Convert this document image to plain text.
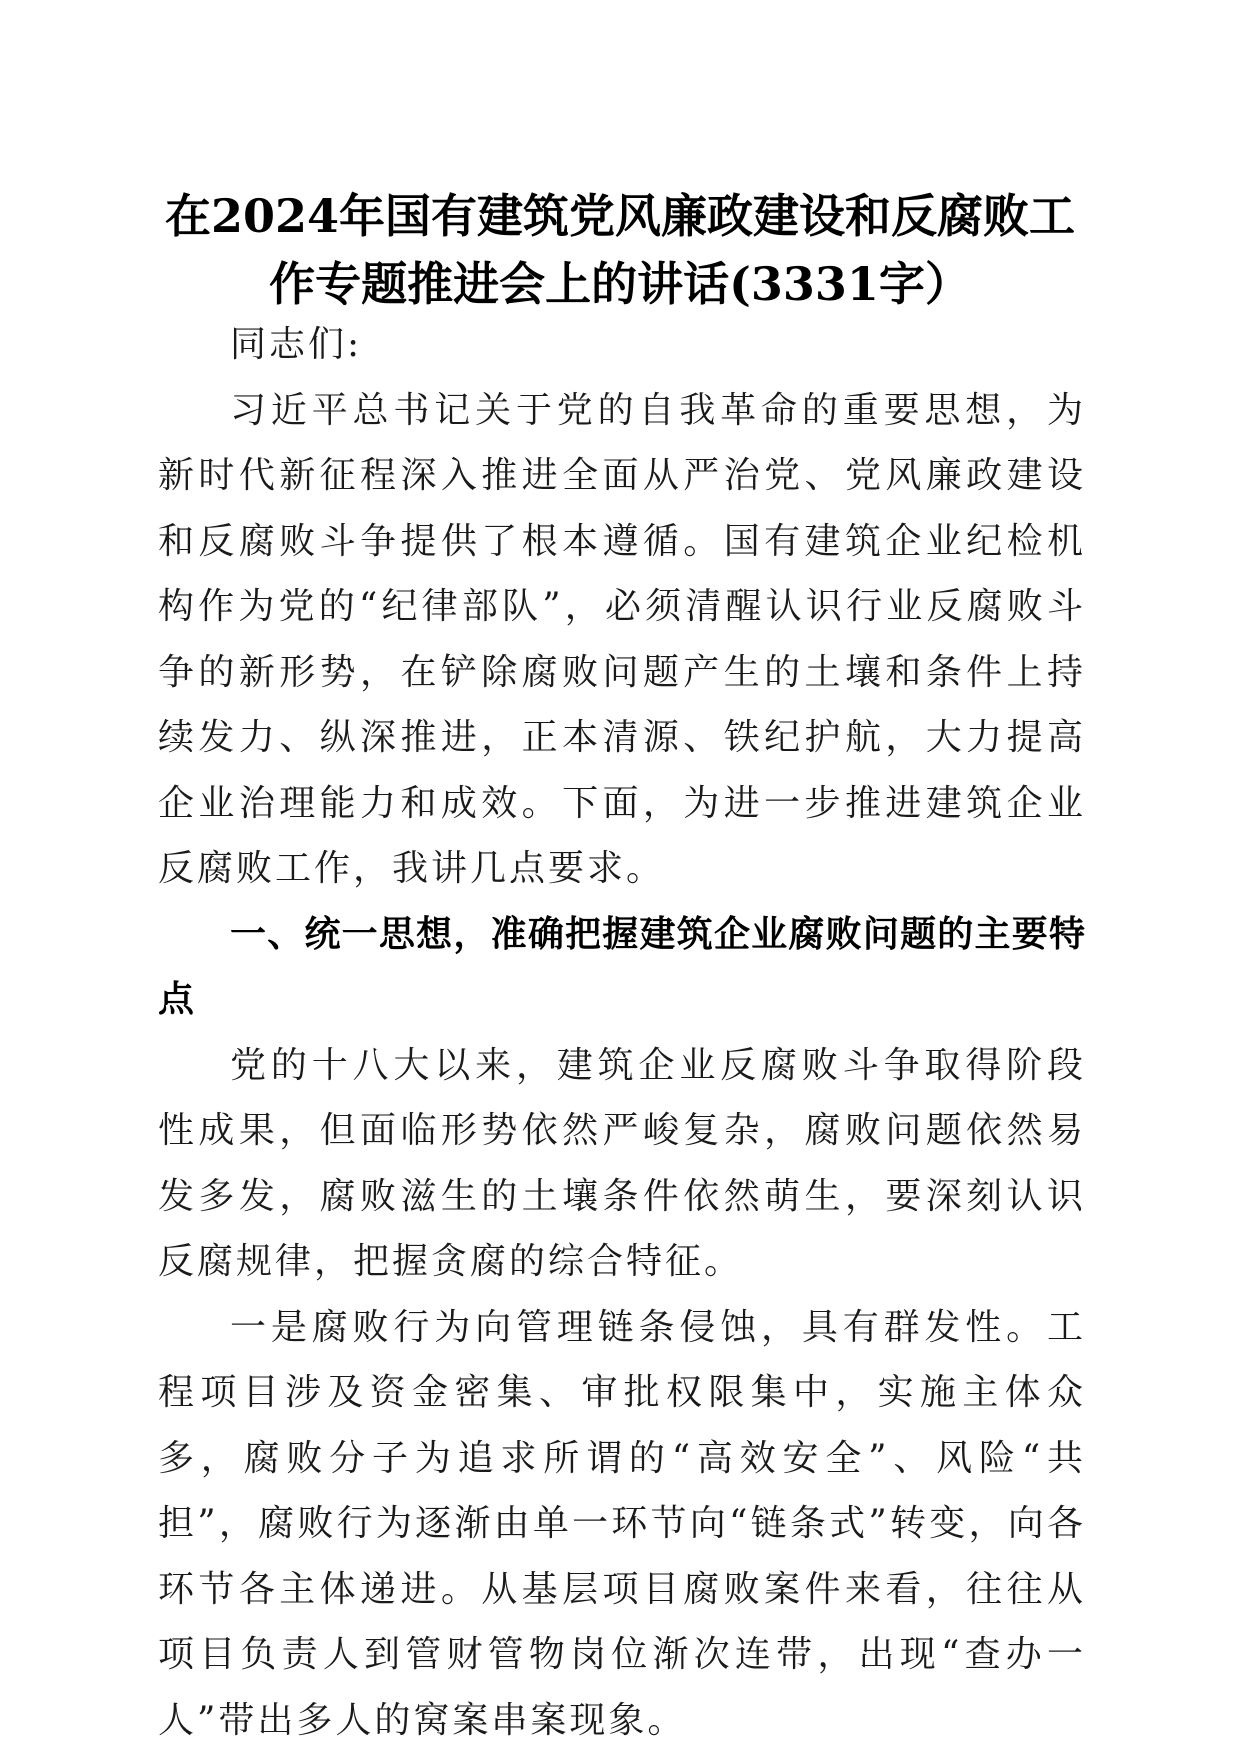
在2024年国有建筑党风廉政建设和反腐败工
作专题推进会上的讲话(3331字）

同志们:

习近平总书记关于党的自我革命的重要思想，为新时代新征程深入推进全面从严治党、党风廉政建设和反腐败斗争提供了根本遵循。国有建筑企业纪检机构作为党的“纪律部队”，必须清醒认识行业反腐败斗争的新形势，在铲除腐败问题产生的土壤和条件上持续发力、纵深推进，正本清源、铁纪护航，大力提高企业治理能力和成效。下面，为进一步推进建筑企业反腐败工作，我讲几点要求。

一、统一思想，准确把握建筑企业腐败问题的主要特点

党的十八大以来，建筑企业反腐败斗争取得阶段性成果，但面临形势依然严峻复杂，腐败问题依然易发多发，腐败滋生的土壤条件依然萌生，要深刻认识反腐规律，把握贪腐的综合特征。

一是腐败行为向管理链条侵蚀，具有群发性。工程项目涉及资金密集、审批权限集中，实施主体众多，腐败分子为追求所谓的“高效安全”、风险“共担”，腐败行为逐渐由单一环节向“链条式”转变，向各环节各主体递进。从基层项目腐败案件来看，往往从项目负责人到管财管物岗位渐次连带，出现“查办一人”带出多人的窝案串案现象。
